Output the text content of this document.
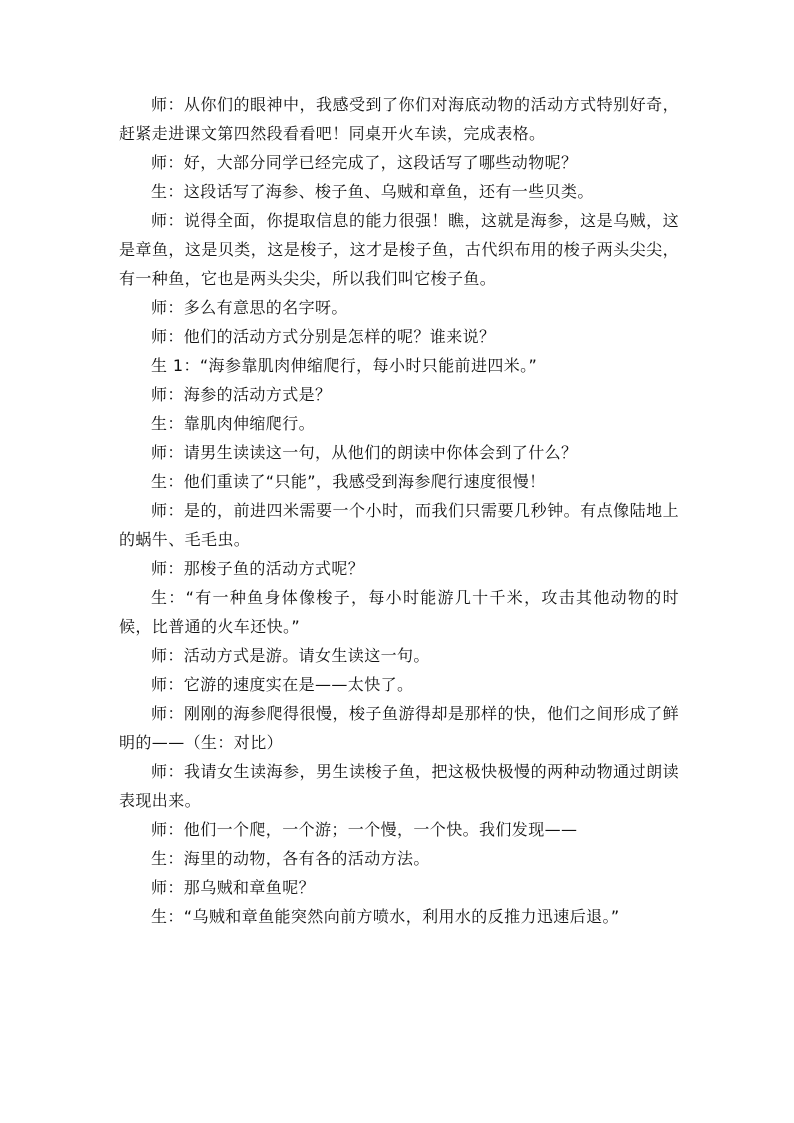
师：从你们的眼神中，我感受到了你们对海底动物的活动方式特别好奇，赶紧走进课文第四然段看看吧！同桌开火车读，完成表格。

师：好，大部分同学已经完成了，这段话写了哪些动物呢？

生：这段话写了海参、梭子鱼、乌贼和章鱼，还有一些贝类。

师：说得全面，你提取信息的能力很强！瞧，这就是海参，这是乌贼，这是章鱼，这是贝类，这是梭子，这才是梭子鱼，古代织布用的梭子两头尖尖，有一种鱼，它也是两头尖尖，所以我们叫它梭子鱼。

师：多么有意思的名字呀。

师：他们的活动方式分别是怎样的呢？谁来说？

生 1：“海参靠肌肉伸缩爬行，每小时只能前进四米。”

师：海参的活动方式是？

生：靠肌肉伸缩爬行。

师：请男生读读这一句，从他们的朗读中你体会到了什么？

生：他们重读了“只能”，我感受到海参爬行速度很慢！

师：是的，前进四米需要一个小时，而我们只需要几秒钟。有点像陆地上的蜗牛、毛毛虫。

师：那梭子鱼的活动方式呢？

生：“有一种鱼身体像梭子，每小时能游几十千米，攻击其他动物的时候，比普通的火车还快。”

师：活动方式是游。请女生读这一句。

师：它游的速度实在是——太快了。

师：刚刚的海参爬得很慢，梭子鱼游得却是那样的快，他们之间形成了鲜明的——（生：对比）

师：我请女生读海参，男生读梭子鱼，把这极快极慢的两种动物通过朗读表现出来。

师：他们一个爬，一个游；一个慢，一个快。我们发现——

生：海里的动物，各有各的活动方法。

师：那乌贼和章鱼呢？

生：“乌贼和章鱼能突然向前方喷水，利用水的反推力迅速后退。”
